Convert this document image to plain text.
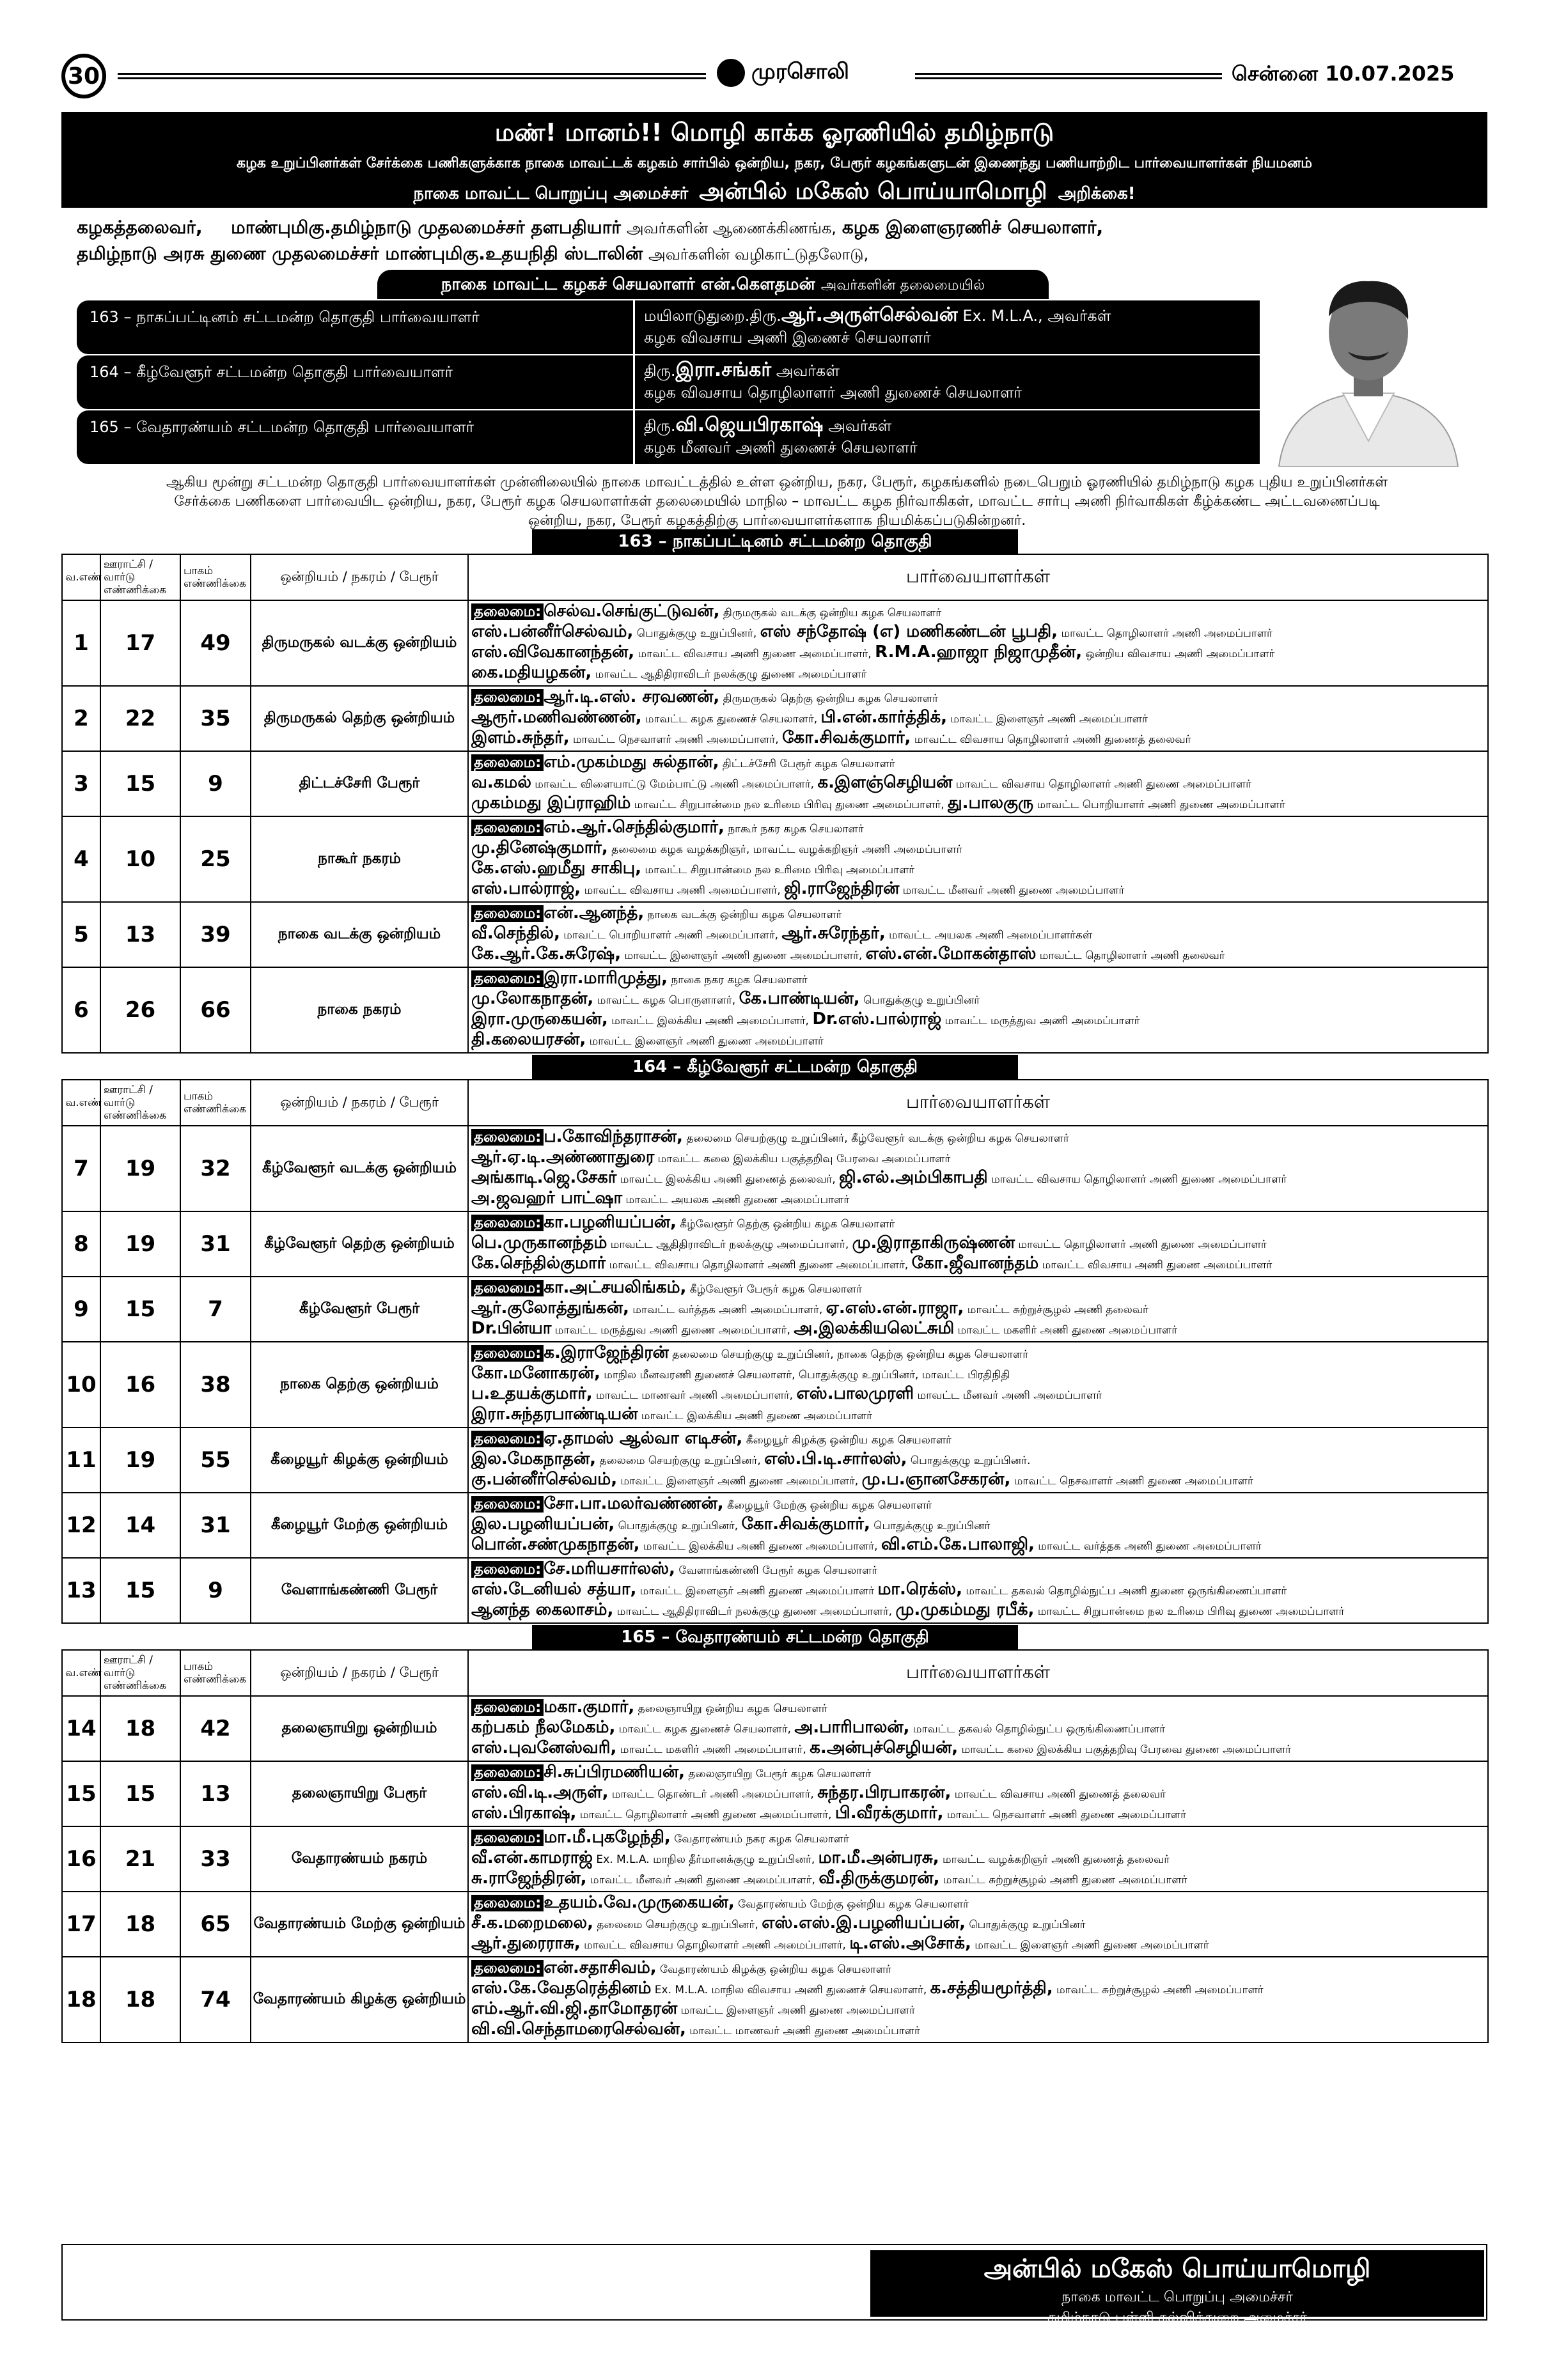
30	முரசொலி	சென்னை 10.07.2025
மண்! மானம்!! மொழி காக்க ஓரணியில் தமிழ்நாடு
கழக உறுப்பினர்கள் சேர்க்கை பணிகளுக்காக நாகை மாவட்டக் கழகம் சார்பில் ஒன்றிய, நகர, பேரூர் கழகங்களுடன் இணைந்து பணியாற்றிட பார்வையாளர்கள் நியமனம்
நாகை மாவட்ட பொறுப்பு அமைச்சர் அன்பில் மகேஸ் பொய்யாமொழி அறிக்கை!
கழகத்தலைவர், மாண்புமிகு.தமிழ்நாடு முதலமைச்சர் தளபதியார் அவர்களின் ஆணைக்கிணங்க, கழக இளைஞரணிச் செயலாளர்,
தமிழ்நாடு அரசு துணை முதலமைச்சர் மாண்புமிகு.உதயநிதி ஸ்டாலின் அவர்களின் வழிகாட்டுதலோடு,
நாகை மாவட்ட கழகச் செயலாளர் என்.கௌதமன் அவர்களின் தலைமையில்
163 – நாகப்பட்டினம் சட்டமன்ற தொகுதி பார்வையாளர்	மயிலாடுதுறை.திரு.ஆர்.அருள்செல்வன் Ex. M.L.A., அவர்கள்
கழக விவசாய அணி இணைச் செயலாளர்
164 – கீழ்வேளூர் சட்டமன்ற தொகுதி பார்வையாளர்	திரு.இரா.சங்கர் அவர்கள்
கழக விவசாய தொழிலாளர் அணி துணைச் செயலாளர்
165 – வேதாரண்யம் சட்டமன்ற தொகுதி பார்வையாளர்	திரு.வி.ஜெயபிரகாஷ் அவர்கள்
கழக மீனவர் அணி துணைச் செயலாளர்
ஆகிய மூன்று சட்டமன்ற தொகுதி பார்வையாளர்கள் முன்னிலையில் நாகை மாவட்டத்தில் உள்ள ஒன்றிய, நகர, பேரூர், கழகங்களில் நடைபெறும் ஓரணியில் தமிழ்நாடு கழக புதிய உறுப்பினர்கள்
சேர்க்கை பணிகளை பார்வையிட ஒன்றிய, நகர, பேரூர் கழக செயலாளர்கள் தலைமையில் மாநில – மாவட்ட கழக நிர்வாகிகள், மாவட்ட சார்பு அணி நிர்வாகிகள் கீழ்க்கண்ட அட்டவணைப்படி
ஒன்றிய, நகர, பேரூர் கழகத்திற்கு பார்வையாளர்களாக நியமிக்கப்படுகின்றனர்.
163 – நாகப்பட்டினம் சட்டமன்ற தொகுதி				

வ.எண்	ஊராட்சி / வார்டு எண்ணிக்கை	பாகம் எண்ணிக்கை	ஒன்றியம் / நகரம் / பேரூர்	பார்வையாளர்கள்
1	17	49	திருமருகல் வடக்கு ஒன்றியம்	தலைமை: செல்வ.செங்குட்டுவன், திருமருகல் வடக்கு ஒன்றிய கழக செயலாளர்
எஸ்.பன்னீர்செல்வம், பொதுக்குழு உறுப்பினர், எஸ் சந்தோஷ் (எ) மணிகண்டன் பூபதி, மாவட்ட தொழிலாளர் அணி அமைப்பாளர்
எஸ்.விவேகானந்தன், மாவட்ட விவசாய அணி துணை அமைப்பாளர், R.M.A.ஹாஜா நிஜாமுதீன், ஒன்றிய விவசாய அணி அமைப்பாளர்
கை.மதியழகன், மாவட்ட ஆதிதிராவிடர் நலக்குழு துணை அமைப்பாளர்

2	22	35	திருமருகல் தெற்கு ஒன்றியம்	தலைமை: ஆர்.டி.எஸ். சரவணன், திருமருகல் தெற்கு ஒன்றிய கழக செயலாளர்
ஆரூர்.மணிவண்ணன், மாவட்ட கழக துணைச் செயலாளர், பி.என்.கார்த்திக், மாவட்ட இளைஞர் அணி அமைப்பாளர்
இளம்.சுந்தர், மாவட்ட நெசவாளர் அணி அமைப்பாளர், கோ.சிவக்குமார், மாவட்ட விவசாய தொழிலாளர் அணி துணைத் தலைவர்

3	15	9	திட்டச்சேரி பேரூர்	தலைமை: எம்.முகம்மது சுல்தான், திட்டச்சேரி பேரூர் கழக செயலாளர்
வ.கமல் மாவட்ட விளையாட்டு மேம்பாட்டு அணி அமைப்பாளர், க.இளஞ்செழியன் மாவட்ட விவசாய தொழிலாளர் அணி துணை அமைப்பாளர்
முகம்மது இப்ராஹிம் மாவட்ட சிறுபான்மை நல உரிமை பிரிவு துணை அமைப்பாளர், து.பாலகுரு மாவட்ட பொறியாளர் அணி துணை அமைப்பாளர்

4	10	25	நாகூர் நகரம்	தலைமை: எம்.ஆர்.செந்தில்குமார், நாகூர் நகர கழக செயலாளர்
மு.தினேஷ்குமார், தலைமை கழக வழக்கறிஞர், மாவட்ட வழக்கறிஞர் அணி அமைப்பாளர்
கே.எஸ்.ஹமீது சாகிபு, மாவட்ட சிறுபான்மை நல உரிமை பிரிவு அமைப்பாளர்
எஸ்.பால்ராஜ், மாவட்ட விவசாய அணி அமைப்பாளர், ஜி.ராஜேந்திரன் மாவட்ட மீனவர் அணி துணை அமைப்பாளர்

5	13	39	நாகை வடக்கு ஒன்றியம்	தலைமை: என்.ஆனந்த், நாகை வடக்கு ஒன்றிய கழக செயலாளர்
வீ.செந்தில், மாவட்ட பொறியாளர் அணி அமைப்பாளர், ஆர்.சுரேந்தர், மாவட்ட அயலக அணி அமைப்பாளர்கள்
கே.ஆர்.கே.சுரேஷ், மாவட்ட இளைஞர் அணி துணை அமைப்பாளர், எஸ்.என்.மோகன்தாஸ் மாவட்ட தொழிலாளர் அணி தலைவர்

6	26	66	நாகை நகரம்	தலைமை: இரா.மாரிமுத்து, நாகை நகர கழக செயலாளர்
மு.லோகநாதன், மாவட்ட கழக பொருளாளர், கே.பாண்டியன், பொதுக்குழு உறுப்பினர்
இரா.முருகையன், மாவட்ட இலக்கிய அணி அமைப்பாளர், Dr.எஸ்.பால்ராஜ் மாவட்ட மருத்துவ அணி அமைப்பாளர்
தி.கலையரசன், மாவட்ட இளைஞர் அணி துணை அமைப்பாளர்

164 – கீழ்வேளூர் சட்டமன்ற தொகுதி				

வ.எண்	ஊராட்சி / வார்டு எண்ணிக்கை	பாகம் எண்ணிக்கை	ஒன்றியம் / நகரம் / பேரூர்	பார்வையாளர்கள்
7	19	32	கீழ்வேளூர் வடக்கு ஒன்றியம்	தலைமை: ப.கோவிந்தராசன், தலைமை செயற்குழு உறுப்பினர், கீழ்வேளூர் வடக்கு ஒன்றிய கழக செயலாளர்
ஆர்.ஏ.டி.அண்ணாதுரை மாவட்ட கலை இலக்கிய பகுத்தறிவு பேரவை அமைப்பாளர்
அங்காடி.ஜெ.சேகர் மாவட்ட இலக்கிய அணி துணைத் தலைவர், ஜி.எல்.அம்பிகாபதி மாவட்ட விவசாய தொழிலாளர் அணி துணை அமைப்பாளர்
அ.ஜவஹர் பாட்ஷா மாவட்ட அயலக அணி துணை அமைப்பாளர்

8	19	31	கீழ்வேளூர் தெற்கு ஒன்றியம்	தலைமை: கா.பழனியப்பன், கீழ்வேளூர் தெற்கு ஒன்றிய கழக செயலாளர்
பெ.முருகானந்தம் மாவட்ட ஆதிதிராவிடர் நலக்குழு அமைப்பாளர், மு.இராதாகிருஷ்ணன் மாவட்ட தொழிலாளர் அணி துணை அமைப்பாளர்
கே.செந்தில்குமார் மாவட்ட விவசாய தொழிலாளர் அணி துணை அமைப்பாளர், கோ.ஜீவானந்தம் மாவட்ட விவசாய அணி துணை அமைப்பாளர்

9	15	7	கீழ்வேளூர் பேரூர்	தலைமை: கா.அட்சயலிங்கம், கீழ்வேளூர் பேரூர் கழக செயலாளர்
ஆர்.குலோத்துங்கன், மாவட்ட வர்த்தக அணி அமைப்பாளர், ஏ.எஸ்.என்.ராஜா, மாவட்ட சுற்றுச்சூழல் அணி தலைவர்
Dr.பின்யா மாவட்ட மருத்துவ அணி துணை அமைப்பாளர், அ.இலக்கியலெட்சுமி மாவட்ட மகளிர் அணி துணை அமைப்பாளர்

10	16	38	நாகை தெற்கு ஒன்றியம்	தலைமை: க.இராஜேந்திரன் தலைமை செயற்குழு உறுப்பினர், நாகை தெற்கு ஒன்றிய கழக செயலாளர்
கோ.மனோகரன், மாநில மீனவரணி துணைச் செயலாளர், பொதுக்குழு உறுப்பினர், மாவட்ட பிரதிநிதி
ப.உதயக்குமார், மாவட்ட மாணவர் அணி அமைப்பாளர், எஸ்.பாலமுரளி மாவட்ட மீனவர் அணி அமைப்பாளர்
இரா.சுந்தரபாண்டியன் மாவட்ட இலக்கிய அணி துணை அமைப்பாளர்

11	19	55	கீழையூர் கிழக்கு ஒன்றியம்	தலைமை: ஏ.தாமஸ் ஆல்வா எடிசன், கீழையூர் கிழக்கு ஒன்றிய கழக செயலாளர்
இல.மேகநாதன், தலைமை செயற்குழு உறுப்பினர், எஸ்.பி.டி.சார்லஸ், பொதுக்குழு உறுப்பினர்.
கு.பன்னீர்செல்வம், மாவட்ட இளைஞர் அணி துணை அமைப்பாளர், மு.ப.ஞானசேகரன், மாவட்ட நெசவாளர் அணி துணை அமைப்பாளர்

12	14	31	கீழையூர் மேற்கு ஒன்றியம்	தலைமை: சோ.பா.மலர்வண்ணன், கீழையூர் மேற்கு ஒன்றிய கழக செயலாளர்
இல.பழனியப்பன், பொதுக்குழு உறுப்பினர், கோ.சிவக்குமார், பொதுக்குழு உறுப்பினர்
பொன்.சண்முகநாதன், மாவட்ட இலக்கிய அணி துணை அமைப்பாளர், வி.எம்.கே.பாலாஜி, மாவட்ட வர்த்தக அணி துணை அமைப்பாளர்

13	15	9	வேளாங்கண்ணி பேரூர்	தலைமை: சே.மரியசார்லஸ், வேளாங்கண்ணி பேரூர் கழக செயலாளர்
எஸ்.டேனியல் சத்யா, மாவட்ட இளைஞர் அணி துணை அமைப்பாளர் மா.ரெக்ஸ், மாவட்ட தகவல் தொழில்நுட்ப அணி துணை ஒருங்கிணைப்பாளர்
ஆனந்த கைலாசம், மாவட்ட ஆதிதிராவிடர் நலக்குழு துணை அமைப்பாளர், மு.முகம்மது ரபீக், மாவட்ட சிறுபான்மை நல உரிமை பிரிவு துணை அமைப்பாளர்

165 – வேதாரண்யம் சட்டமன்ற தொகுதி				

வ.எண்	ஊராட்சி / வார்டு எண்ணிக்கை	பாகம் எண்ணிக்கை	ஒன்றியம் / நகரம் / பேரூர்	பார்வையாளர்கள்
14	18	42	தலைஞாயிறு ஒன்றியம்	தலைமை: மகா.குமார், தலைஞாயிறு ஒன்றிய கழக செயலாளர்
கற்பகம் நீலமேகம், மாவட்ட கழக துணைச் செயலாளர், அ.பாரிபாலன், மாவட்ட தகவல் தொழில்நுட்ப ஒருங்கிணைப்பாளர்
எஸ்.புவனேஸ்வரி, மாவட்ட மகளிர் அணி அமைப்பாளர், க.அன்புச்செழியன், மாவட்ட கலை இலக்கிய பகுத்தறிவு பேரவை துணை அமைப்பாளர்

15	15	13	தலைஞாயிறு பேரூர்	தலைமை: சி.சுப்பிரமணியன், தலைஞாயிறு பேரூர் கழக செயலாளர்
எஸ்.வி.டி.அருள், மாவட்ட தொண்டர் அணி அமைப்பாளர், சுந்தர.பிரபாகரன், மாவட்ட விவசாய அணி துணைத் தலைவர்
எஸ்.பிரகாஷ், மாவட்ட தொழிலாளர் அணி துணை அமைப்பாளர், பி.வீரக்குமார், மாவட்ட நெசவாளர் அணி துணை அமைப்பாளர்

16	21	33	வேதாரண்யம் நகரம்	தலைமை: மா.மீ.புகழேந்தி, வேதாரண்யம் நகர கழக செயலாளர்
வீ.என்.காமராஜ் Ex. M.L.A. மாநில தீர்மானக்குழு உறுப்பினர், மா.மீ.அன்பரசு, மாவட்ட வழக்கறிஞர் அணி துணைத் தலைவர்
சு.ராஜேந்திரன், மாவட்ட மீனவர் அணி துணை அமைப்பாளர், வீ.திருக்குமரன், மாவட்ட சுற்றுச்சூழல் அணி துணை அமைப்பாளர்

17	18	65	வேதாரண்யம் மேற்கு ஒன்றியம்	தலைமை: உதயம்.வே.முருகையன், வேதாரண்யம் மேற்கு ஒன்றிய கழக செயலாளர்
சீ.க.மறைமலை, தலைமை செயற்குழு உறுப்பினர், எஸ்.எஸ்.இ.பழனியப்பன், பொதுக்குழு உறுப்பினர்
ஆர்.துரைராசு, மாவட்ட விவசாய தொழிலாளர் அணி அமைப்பாளர், டி.எஸ்.அசோக், மாவட்ட இளைஞர் அணி துணை அமைப்பாளர்

18	18	74	வேதாரண்யம் கிழக்கு ஒன்றியம்	தலைமை: என்.சதாசிவம், வேதாரண்யம் கிழக்கு ஒன்றிய கழக செயலாளர்
எஸ்.கே.வேதரெத்தினம் Ex. M.L.A. மாநில விவசாய அணி துணைச் செயலாளர், க.சத்தியமூர்த்தி, மாவட்ட சுற்றுச்சூழல் அணி அமைப்பாளர்
எம்.ஆர்.வி.ஜி.தாமோதரன் மாவட்ட இளைஞர் அணி துணை அமைப்பாளர்
வி.வி.செந்தாமரைசெல்வன், மாவட்ட மாணவர் அணி துணை அமைப்பாளர்
அன்பில் மகேஸ் பொய்யாமொழி
நாகை மாவட்ட பொறுப்பு அமைச்சர்
தமிழ்நாடு பள்ளி கல்வித்துறை அமைச்சர்
